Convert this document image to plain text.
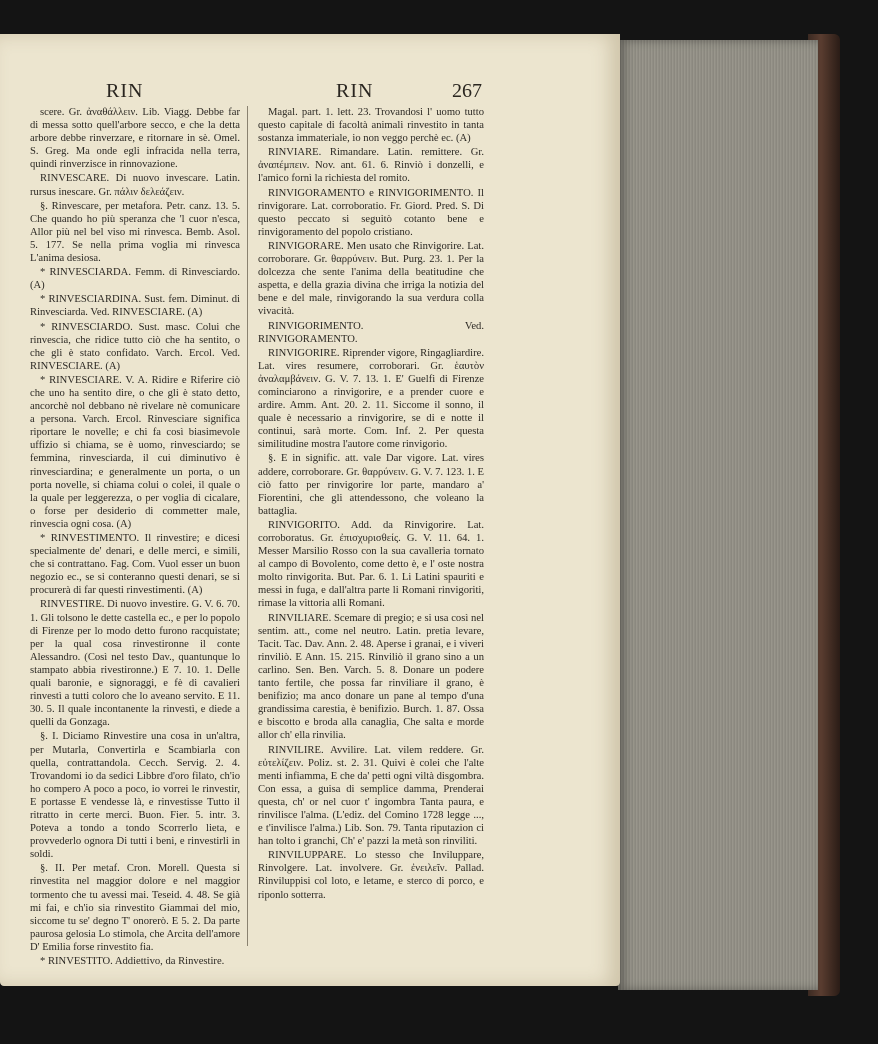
RIN	RIN	267

scere. Gr. ἀναθάλλειν. Lib. Viagg. Debbe far di messa sotto quell'arbore secco, e che la detta arbore debbe rinverzare, e ritornare in sè. Omel. S. Greg. Ma onde egli infracida nella terra, quindi rinverzisce in rinnovazione.

RINVESCARE. Di nuovo invescare. Latin. rursus inescare. Gr. πάλιν δελεάζειν.

§. Rinvescare, per metafora. Petr. canz. 13. 5. Che quando ho più speranza che 'l cuor n'esca, Allor più nel bel viso mi rinvesca. Bemb. Asol. 5. 177. Se nella prima voglia mi rinvesca L'anima desiosa.

* RINVESCIARDA. Femm. di Rinvesciardo. (A)

* RINVESCIARDINA. Sust. fem. Diminut. di Rinvesciarda. Ved. RINVESCIARE. (A)

* RINVESCIARDO. Sust. masc. Colui che rinvescia, che ridice tutto ciò che ha sentito, o che gli è stato confidato. Varch. Ercol. Ved. RINVESCIARE. (A)

* RINVESCIARE. V. A. Ridire e Riferire ciò che uno ha sentito dire, o che gli è stato detto, ancorchè nol debbano nè rivelare nè comunicare a persona. Varch. Ercol. Rinvesciare significa riportare le novelle; e chi fa così biasimevole uffizio si chiama, se è uomo, rinvesciardo; se femmina, rinvesciarda, il cui diminutivo è rinvesciardina; e generalmente un porta, o un porta novelle, si chiama colui o colei, il quale o la quale per leggerezza, o per voglia di cicalare, o forse per desiderio di commetter male, rinvescia ogni cosa. (A)

* RINVESTIMENTO. Il rinvestire; e dicesi specialmente de' denari, e delle merci, e simili, che si contrattano. Fag. Com. Vuol esser un buon negozio ec., se si conteranno questi denari, se si procurerà di far questi rinvestimenti. (A)

RINVESTIRE. Di nuovo investire. G. V. 6. 70. 1. Gli tolsono le dette castella ec., e per lo popolo di Firenze per lo modo detto furono racquistate; per la qual cosa rinvestironne il conte Alessandro. (Così nel testo Dav., quantunque lo stampato abbia rivestironne.) E 7. 10. 1. Delle quali baronie, e signoraggi, e fè di cavalieri rinvestì a tutti coloro che lo aveano servito. E 11. 30. 5. Il quale incontanente la rinvestì, e diede a quelli da Gonzaga.

§. I. Diciamo Rinvestire una cosa in un'altra, per Mutarla, Convertirla e Scambiarla con quella, contrattandola. Cecch. Servig. 2. 4. Trovandomi io da sedici Libbre d'oro filato, ch'io ho compero A poco a poco, io vorrei le rinvestir, E portasse E vendesse là, e rinvestisse Tutto il ritratto in certe merci. Buon. Fier. 5. intr. 3. Poteva a tondo a tondo Scorrerlo lieta, e provvederlo ognora Di tutti i beni, e rinvestirli in soldi.

§. II. Per metaf. Cron. Morell. Questa si rinvestita nel maggior dolore e nel maggior tormento che tu avessi mai. Teseid. 4. 48. Se già mi fai, e ch'io sia rinvestito Giammai del mio, siccome tu se' degno T' onorerò. E 5. 2. Da parte paurosa gelosia Lo stimola, che Arcita dell'amore D' Emilia forse rinvestito fia.

* RINVESTITO. Addiettivo, da Rinvestire.

Magal. part. 1. lett. 23. Trovandosi l' uomo tutto questo capitale di facoltà animali rinvestito in tanta sostanza immateriale, io non veggo perchè ec. (A)

RINVIARE. Rimandare. Latin. remittere. Gr. ἀναπέμπειν. Nov. ant. 61. 6. Rinviò i donzelli, e l'amico fornì la richiesta del romito.

RINVIGORAMENTO e RINVIGORIMENTO. Il rinvigorare. Lat. corroboratio. Fr. Giord. Pred. S. Di questo peccato si seguitò cotanto bene e rinvigoramento del popolo cristiano.

RINVIGORARE. Men usato che Rinvigorire. Lat. corroborare. Gr. θαρρύνειν. But. Purg. 23. 1. Per la dolcezza che sente l'anima della beatitudine che aspetta, e della grazia divina che irriga la notizia del bene e del male, rinvigorando la sua verdura colla vivacità.

RINVIGORIMENTO. Ved. RINVIGORAMENTO.

RINVIGORIRE. Riprender vigore, Ringagliardire. Lat. vires resumere, corroborari. Gr. ἑαυτὸν ἀναλαμβάνειν. G. V. 7. 13. 1. E' Guelfi di Firenze cominciarono a rinvigorire, e a prender cuore e ardire. Amm. Ant. 20. 2. 11. Siccome il sonno, il quale è necessario a rinvigorire, se di e notte il continui, sarà morte. Com. Inf. 2. Per questa similitudine mostra l'autore come rinvigorìo.

§. E in signific. att. vale Dar vigore. Lat. vires addere, corroborare. Gr. θαρρύνειν. G. V. 7. 123. 1. E ciò fatto per rinvigorire lor parte, mandaro a' Fiorentini, che gli attendessono, che voleano la battaglia.

RINVIGORITO. Add. da Rinvigorire. Lat. corroboratus. Gr. ἐπισχυρισθείς. G. V. 11. 64. 1. Messer Marsilio Rosso con la sua cavalleria tornato al campo di Bovolento, come detto è, e l' oste nostra molto rinvigorita. But. Par. 6. 1. Li Latini spauriti e messi in fuga, e dall'altra parte li Romani rinvigoriti, rimase la vittoria alli Romani.

RINVILIARE. Scemare di pregio; e si usa così nel sentim. att., come nel neutro. Latin. pretia levare, Tacit. Tac. Dav. Ann. 2. 48. Aperse i granai, e i viveri rinviliò. E Ann. 15. 215. Rinviliò il grano sino a un carlino. Sen. Ben. Varch. 5. 8. Donare un podere tanto fertile, che possa far rinviliare il grano, è benifizio; ma anco donare un pane al tempo d'una grandissima carestia, è benifizio. Burch. 1. 87. Ossa e biscotto e broda alla canaglia, Che salta e morde allor ch' ella rinvilia.

RINVILIRE. Avvilire. Lat. vilem reddere. Gr. εὐτελίζειν. Poliz. st. 2. 31. Quivi è colei che l'alte menti infiamma, E che da' petti ogni viltà disgombra. Con essa, a guisa di semplice damma, Prenderai questa, ch' or nel cuor t' ingombra Tanta paura, e rinvilisce l'alma. (L'ediz. del Comino 1728 legge ..., e t'invilisce l'alma.) Lib. Son. 79. Tanta riputazion ci han tolto i granchi, Ch' e' pazzi la metà son rinviliti.

RINVILUPPARE. Lo stesso che Inviluppare, Rinvolgere. Lat. involvere. Gr. ἐνειλεῖν. Pallad. Rinviluppisi col loto, e letame, e sterco di porco, e riponlo sotterra.
